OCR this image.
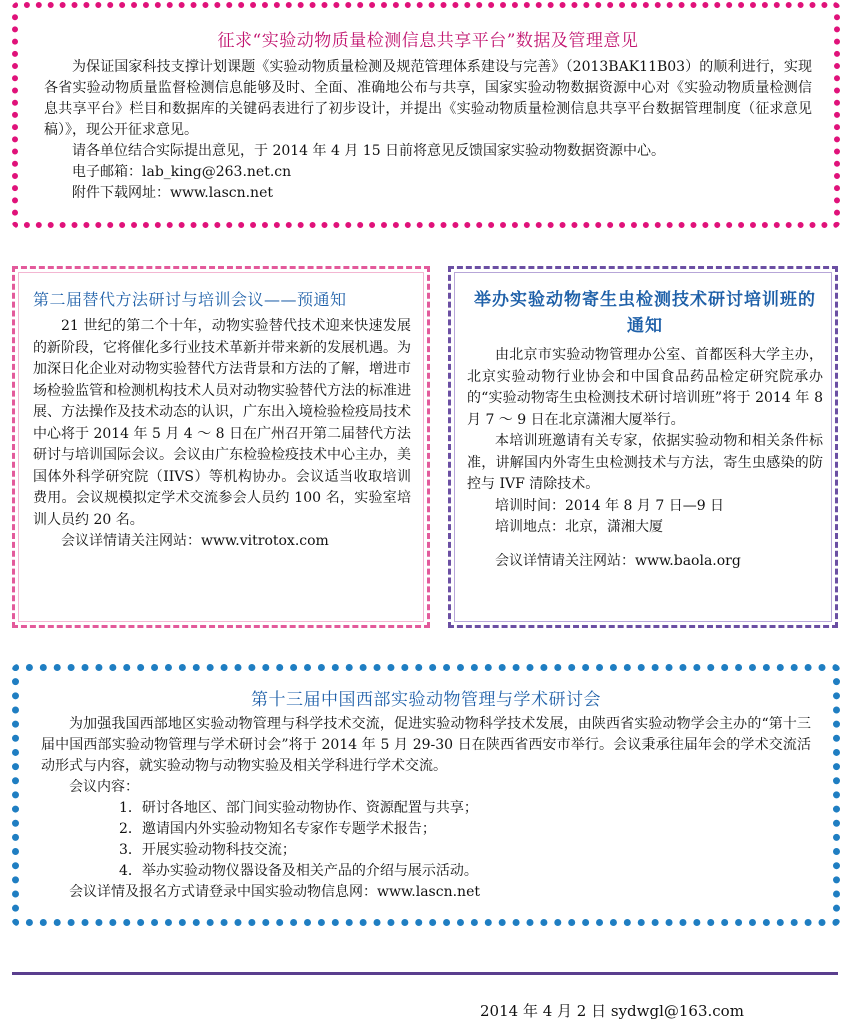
征求“实验动物质量检测信息共享平台”数据及管理意见

为保证国家科技支撑计划课题《实验动物质量检测及规范管理体系建设与完善》（2013BAK11B03）的顺利进行，实现各省实验动物质量监督检测信息能够及时、全面、准确地公布与共享，国家实验动物数据资源中心对《实验动物质量检测信息共享平台》栏目和数据库的关键码表进行了初步设计，并提出《实验动物质量检测信息共享平台数据管理制度（征求意见稿）》，现公开征求意见。

请各单位结合实际提出意见，于 2014 年 4 月 15 日前将意见反馈国家实验动物数据资源中心。

电子邮箱：lab_king@263.net.cn

附件下载网址：www.lascn.net

第二届替代方法研讨与培训会议——预通知

21 世纪的第二个十年，动物实验替代技术迎来快速发展的新阶段，它将催化多行业技术革新并带来新的发展机遇。为加深日化企业对动物实验替代方法背景和方法的了解，增进市场检验监管和检测机构技术人员对动物实验替代方法的标准进展、方法操作及技术动态的认识，广东出入境检验检疫局技术中心将于 2014 年 5 月 4 ～ 8 日在广州召开第二届替代方法研讨与培训国际会议。会议由广东检验检疫技术中心主办，美国体外科学研究院（IIVS）等机构协办。会议适当收取培训费用。会议规模拟定学术交流参会人员约 100 名，实验室培训人员约 20 名。

会议详情请关注网站：www.vitrotox.com

举办实验动物寄生虫检测技术研讨培训班的通知

由北京市实验动物管理办公室、首都医科大学主办，北京实验动物行业协会和中国食品药品检定研究院承办的“实验动物寄生虫检测技术研讨培训班”将于 2014 年 8 月 7 ～ 9 日在北京潇湘大厦举行。

本培训班邀请有关专家，依据实验动物和相关条件标准，讲解国内外寄生虫检测技术与方法，寄生虫感染的防控与 IVF 清除技术。

培训时间：2014 年 8 月 7 日—9 日

培训地点：北京，潇湘大厦

会议详情请关注网站：www.baola.org

第十三届中国西部实验动物管理与学术研讨会

为加强我国西部地区实验动物管理与科学技术交流，促进实验动物科学技术发展，由陕西省实验动物学会主办的“第十三届中国西部实验动物管理与学术研讨会”将于 2014 年 5 月 29-30 日在陕西省西安市举行。会议秉承往届年会的学术交流活动形式与内容，就实验动物与动物实验及相关学科进行学术交流。

会议内容：

1．研讨各地区、部门间实验动物协作、资源配置与共享；
2．邀请国内外实验动物知名专家作专题学术报告；
3．开展实验动物科技交流；
4．举办实验动物仪器设备及相关产品的介绍与展示活动。

会议详情及报名方式请登录中国实验动物信息网：www.lascn.net

2014 年 4 月 2 日 sydwgl@163.com
